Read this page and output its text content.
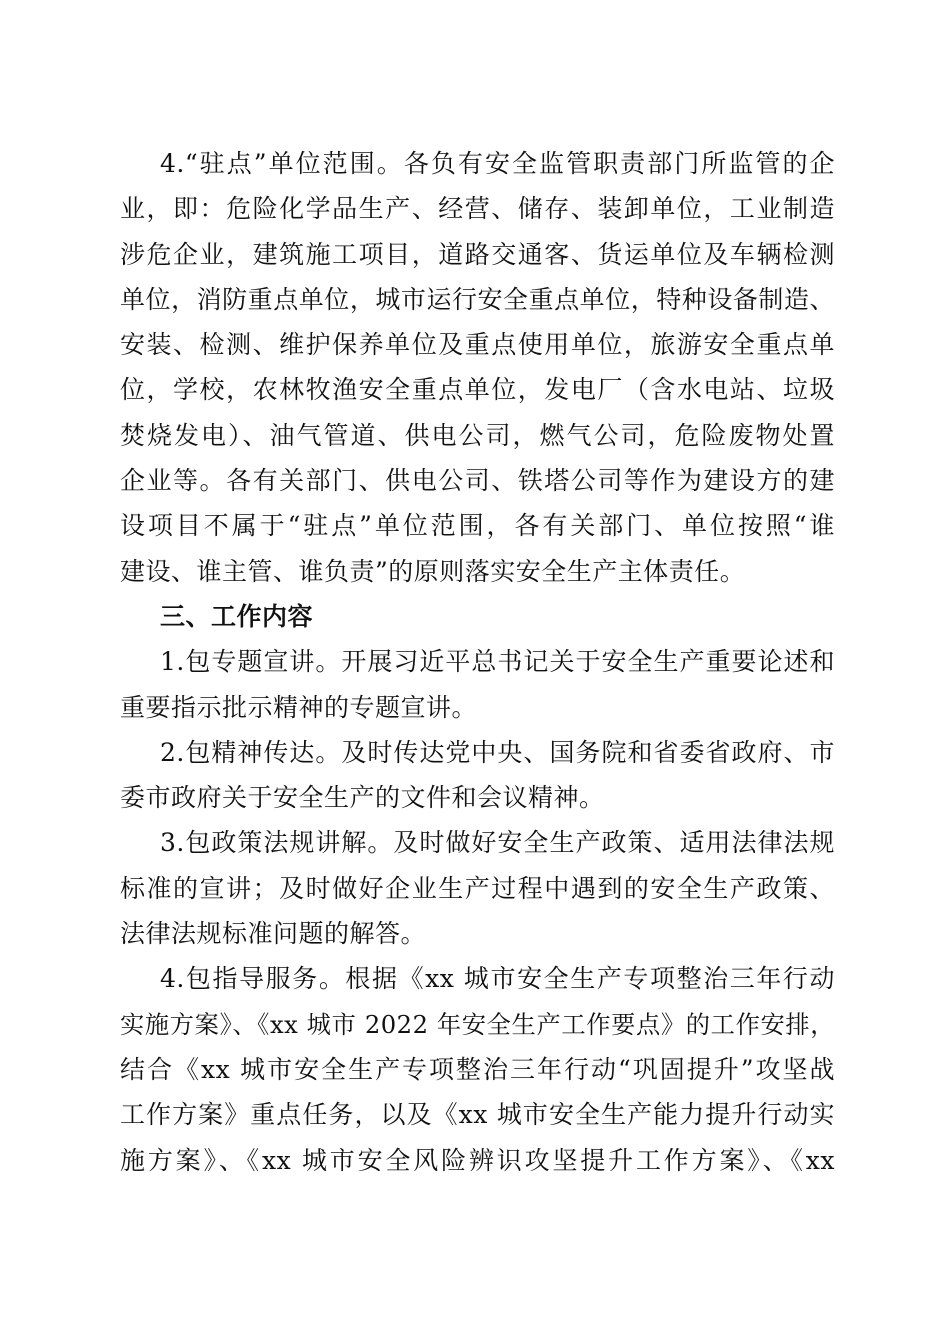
4.“驻点”单位范围。各负有安全监管职责部门所监管的企
业，即：危险化学品生产、经营、储存、装卸单位，工业制造
涉危企业，建筑施工项目，道路交通客、货运单位及车辆检测
单位，消防重点单位，城市运行安全重点单位，特种设备制造、
安装、检测、维护保养单位及重点使用单位，旅游安全重点单
位，学校，农林牧渔安全重点单位，发电厂（含水电站、垃圾
焚烧发电）、油气管道、供电公司，燃气公司，危险废物处置
企业等。各有关部门、供电公司、铁塔公司等作为建设方的建
设项目不属于“驻点”单位范围，各有关部门、单位按照“谁
建设、谁主管、谁负责”的原则落实安全生产主体责任。
三、工作内容
1.包专题宣讲。开展习近平总书记关于安全生产重要论述和
重要指示批示精神的专题宣讲。
2.包精神传达。及时传达党中央、国务院和省委省政府、市
委市政府关于安全生产的文件和会议精神。
3.包政策法规讲解。及时做好安全生产政策、适用法律法规
标准的宣讲；及时做好企业生产过程中遇到的安全生产政策、
法律法规标准问题的解答。
4.包指导服务。根据《xx 城市安全生产专项整治三年行动
实施方案》、《xx 城市 2022 年安全生产工作要点》的工作安排，
结合《xx 城市安全生产专项整治三年行动“巩固提升”攻坚战
工作方案》重点任务，以及《xx 城市安全生产能力提升行动实
施方案》、《xx 城市安全风险辨识攻坚提升工作方案》、《xx
